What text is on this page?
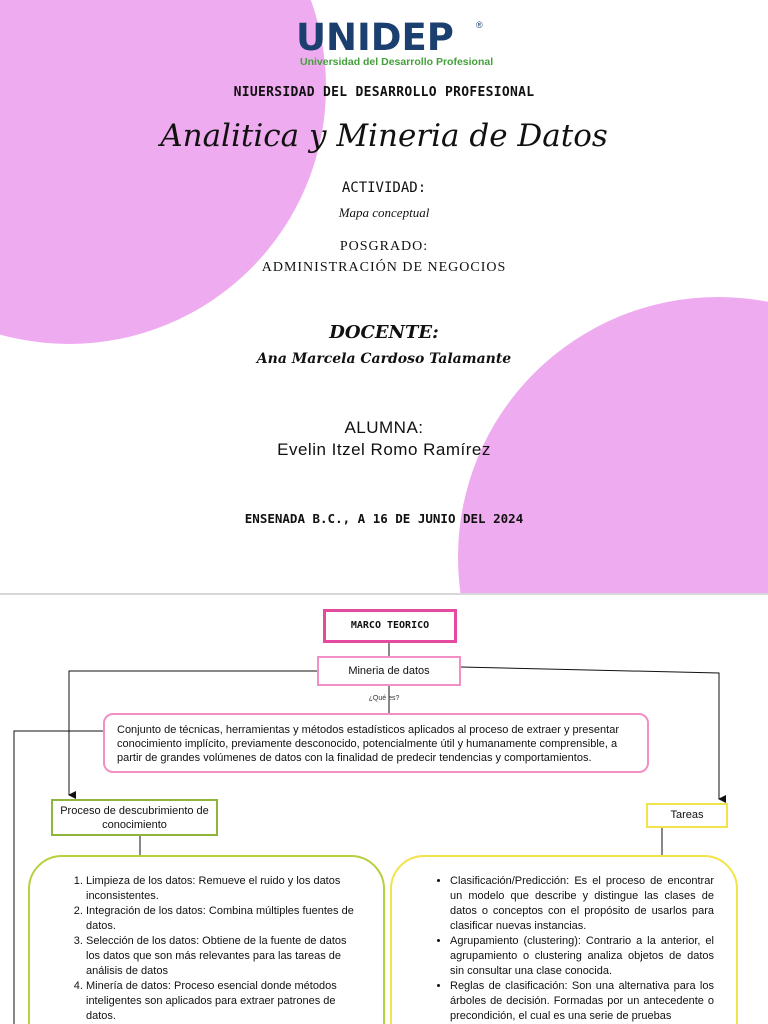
UNIDEP ®
Universidad del Desarrollo Profesional
NIUERSIDAD DEL DESARROLLO PROFESIONAL
Analitica y Mineria de Datos
ACTIVIDAD:
Mapa conceptual
POSGRADO:
ADMINISTRACIÓN DE NEGOCIOS
DOCENTE:
Ana Marcela Cardoso Talamante
ALUMNA:
Evelin Itzel Romo Ramírez
ENSENADA B.C., A 16 DE JUNIO DEL 2024
MARCO TEORICO
Mineria de datos
¿Qué es?
Conjunto de técnicas, herramientas y métodos estadísticos aplicados al proceso de extraer y presentar conocimiento implícito, previamente desconocido, potencialmente útil y humanamente comprensible, a partir de grandes volúmenes de datos con la finalidad de predecir tendencias y comportamientos.
Proceso de descubrimiento de conocimiento
Tareas
1. Limpieza de los datos: Remueve el ruido y los datos inconsistentes.
2. Integración de los datos: Combina múltiples fuentes de datos.
3. Selección de los datos: Obtiene de la fuente de datos los datos que son más relevantes para las tareas de análisis de datos
4. Minería de datos: Proceso esencial donde métodos inteligentes son aplicados para extraer patrones de datos.
• Clasificación/Predicción: Es el proceso de encontrar un modelo que describe y distingue las clases de datos o conceptos con el propósito de usarlos para clasificar nuevas instancias.
• Agrupamiento (clustering): Contrario a la anterior, el agrupamiento o clustering analiza objetos de datos sin consultar una clase conocida.
• Reglas de clasificación: Son una alternativa para los árboles de decisión. Formadas por un antecedente o precondición, el cual es una serie de pruebas
